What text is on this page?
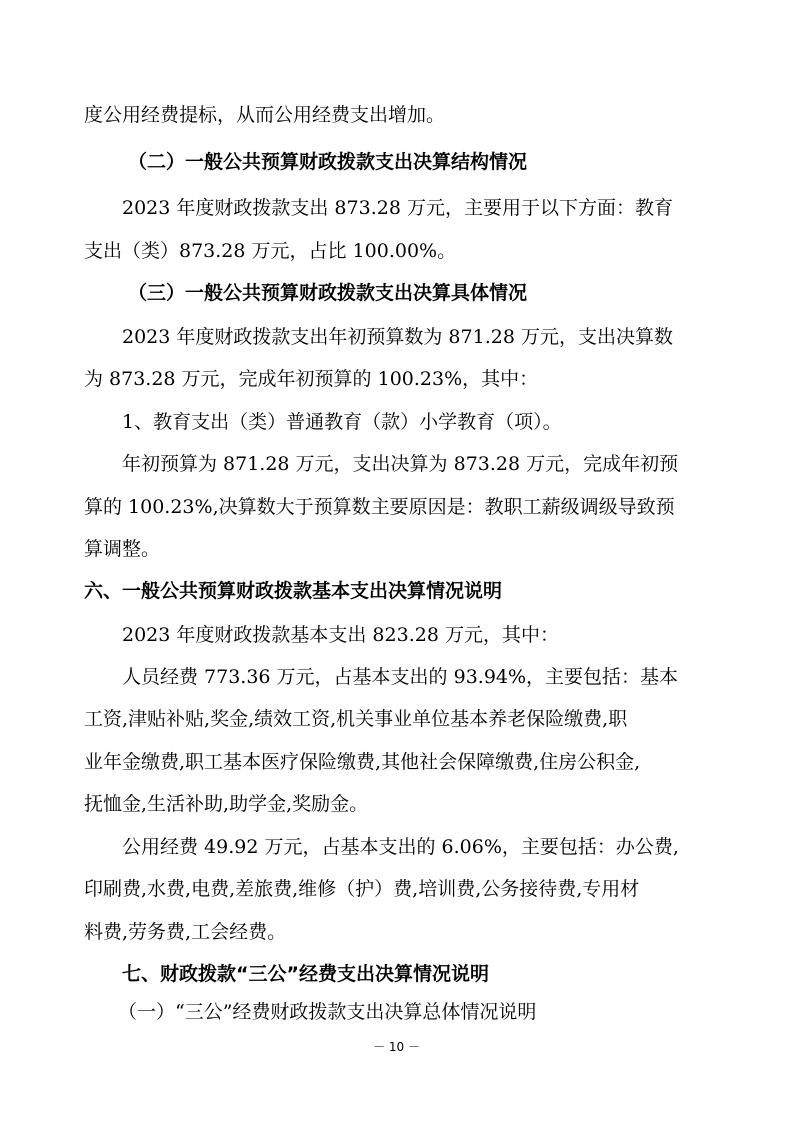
度公用经费提标，从而公用经费支出增加。
（二）一般公共预算财政拨款支出决算结构情况
2023 年度财政拨款支出 873.28 万元，主要用于以下方面：教育
支出（类）873.28 万元，占比 100.00%。
（三）一般公共预算财政拨款支出决算具体情况
2023 年度财政拨款支出年初预算数为 871.28 万元，支出决算数
为 873.28 万元，完成年初预算的 100.23%，其中：
1、教育支出（类）普通教育（款）小学教育（项）。
年初预算为 871.28 万元，支出决算为 873.28 万元，完成年初预
算的 100.23%,决算数大于预算数主要原因是：教职工薪级调级导致预
算调整。
六、一般公共预算财政拨款基本支出决算情况说明
2023 年度财政拨款基本支出 823.28 万元，其中：
人员经费 773.36 万元，占基本支出的 93.94%，主要包括：基本
工资,津贴补贴,奖金,绩效工资,机关事业单位基本养老保险缴费,职
业年金缴费,职工基本医疗保险缴费,其他社会保障缴费,住房公积金,
抚恤金,生活补助,助学金,奖励金。
公用经费 49.92 万元，占基本支出的 6.06%，主要包括：办公费,
印刷费,水费,电费,差旅费,维修（护）费,培训费,公务接待费,专用材
料费,劳务费,工会经费。
七、财政拨款“三公”经费支出决算情况说明
（一）“三公”经费财政拨款支出决算总体情况说明
－ 10 －
